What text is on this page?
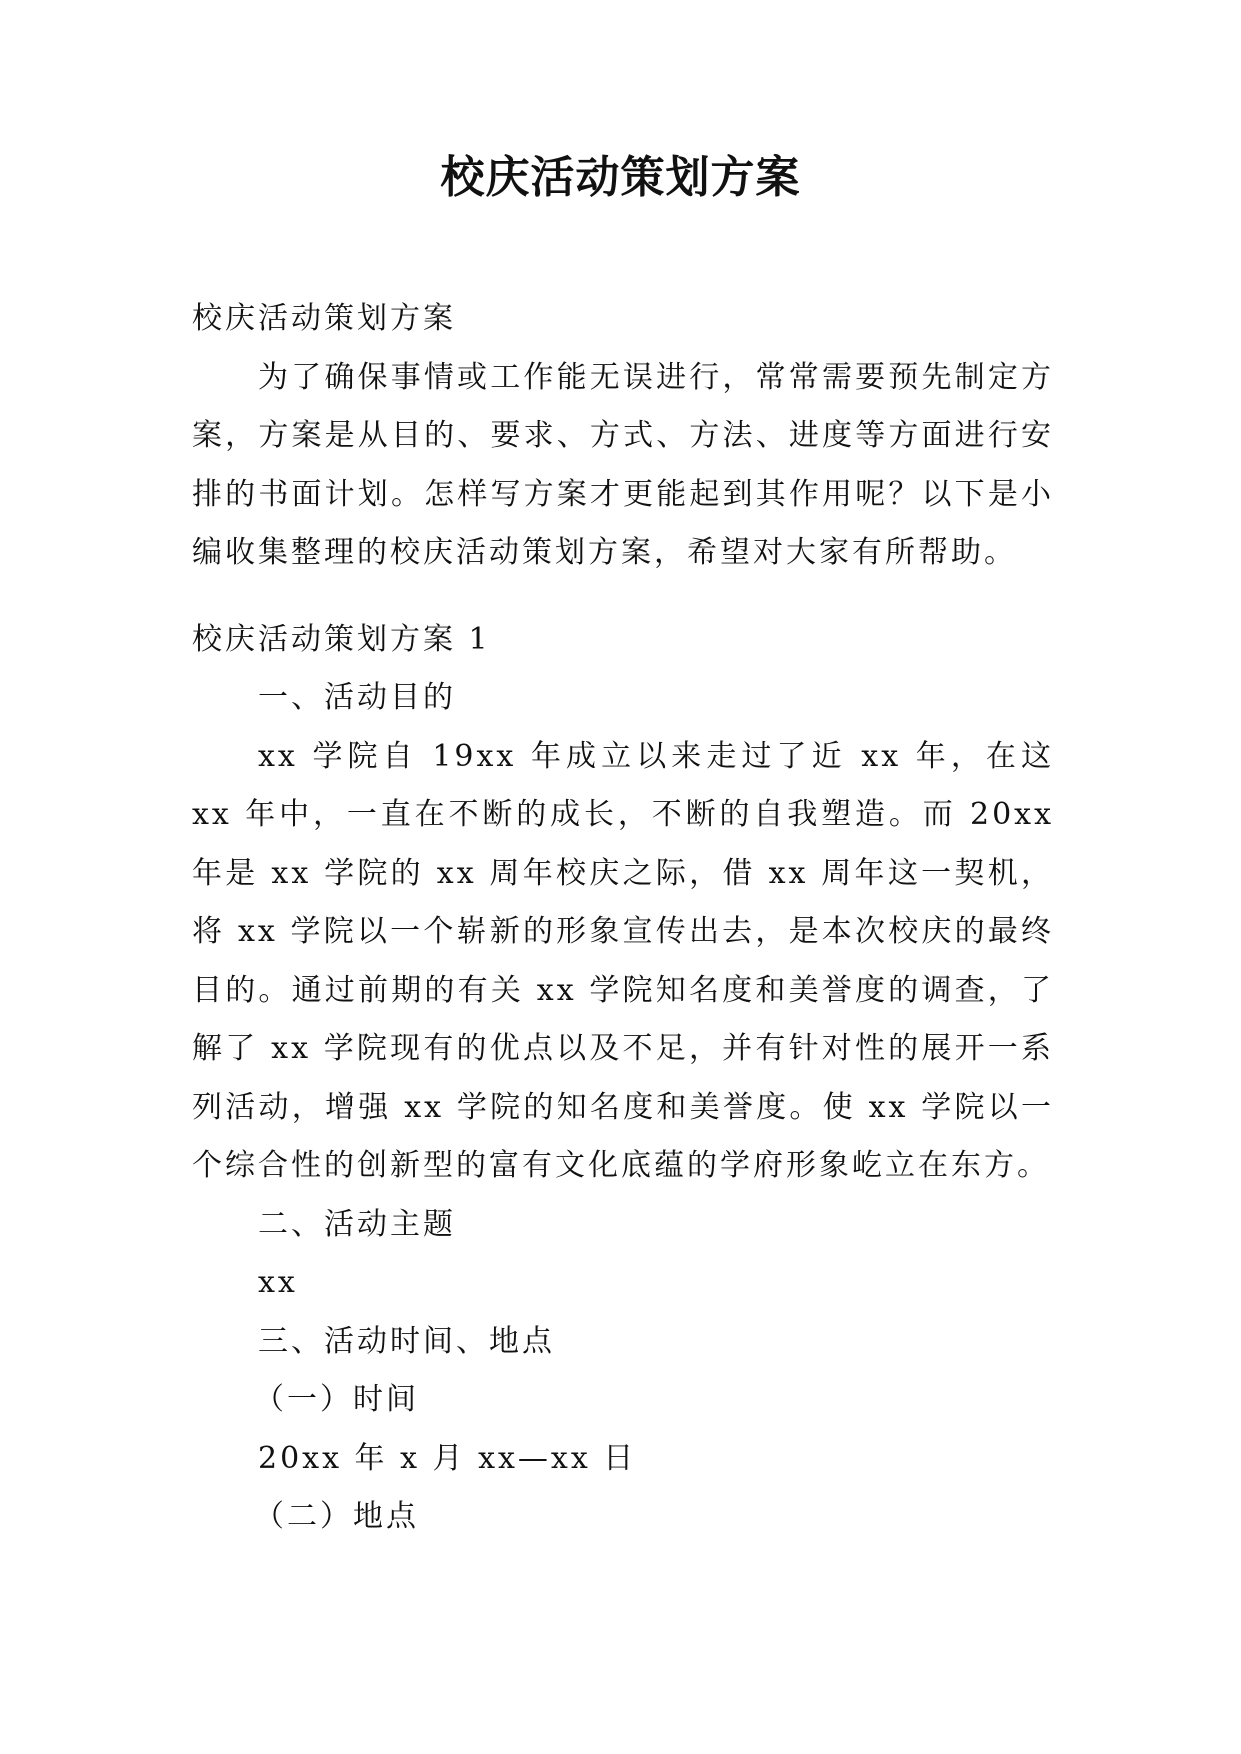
校庆活动策划方案

校庆活动策划方案

为了确保事情或工作能无误进行，常常需要预先制定方案，方案是从目的、要求、方式、方法、进度等方面进行安排的书面计划。怎样写方案才更能起到其作用呢？以下是小编收集整理的校庆活动策划方案，希望对大家有所帮助。

校庆活动策划方案 1

一、活动目的

xx 学院自 19xx 年成立以来走过了近 xx 年，在这 xx 年中，一直在不断的成长，不断的自我塑造。而 20xx 年是 xx 学院的 xx 周年校庆之际，借 xx 周年这一契机，将 xx 学院以一个崭新的形象宣传出去，是本次校庆的最终目的。通过前期的有关 xx 学院知名度和美誉度的调查，了解了 xx 学院现有的优点以及不足，并有针对性的展开一系列活动，增强 xx 学院的知名度和美誉度。使 xx 学院以一个综合性的创新型的富有文化底蕴的学府形象屹立在东方。

二、活动主题

xx

三、活动时间、地点

（一）时间

20xx 年 x 月 xx—xx 日

（二）地点
